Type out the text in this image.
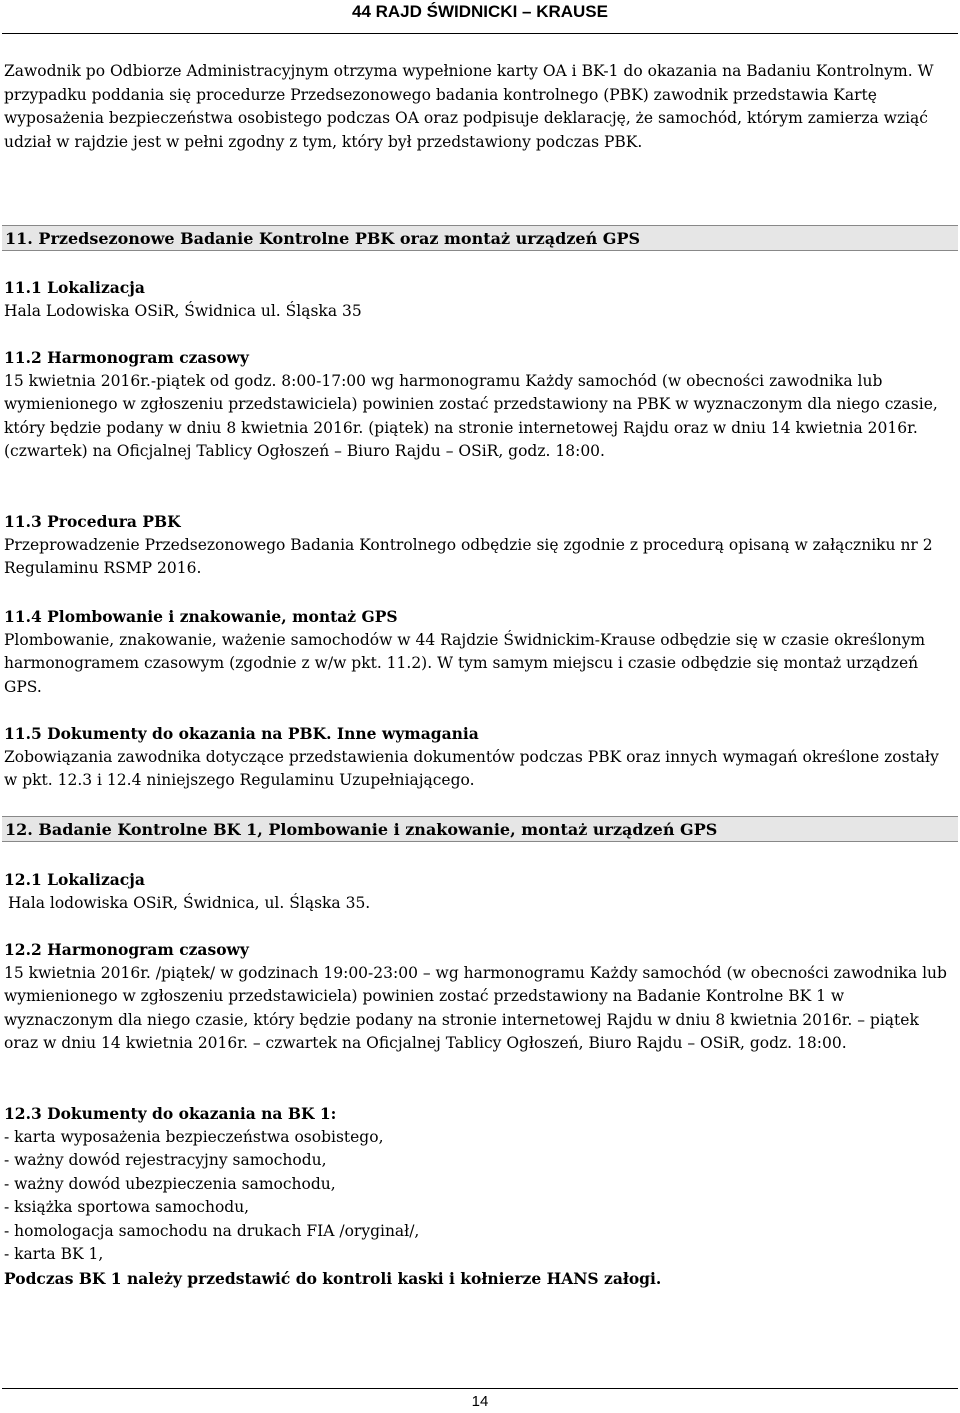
44 RAJD ŚWIDNICKI – KRAUSE

Zawodnik po Odbiorze Administracyjnym otrzyma wypełnione karty OA i BK-1 do okazania na Badaniu Kontrolnym. W przypadku poddania się procedurze Przedsezonowego badania kontrolnego (PBK) zawodnik przedstawia Kartę wyposażenia bezpieczeństwa osobistego podczas OA oraz podpisuje deklarację, że samochód, którym zamierza wziąć udział w rajdzie jest w pełni zgodny z tym, który był przedstawiony podczas PBK.

11. Przedsezonowe Badanie Kontrolne PBK oraz montaż urządzeń GPS

11.1 Lokalizacja

Hala Lodowiska OSiR, Świdnica ul. Śląska 35

11.2 Harmonogram czasowy

15 kwietnia 2016r.-piątek od godz. 8:00-17:00 wg harmonogramu Każdy samochód (w obecności zawodnika lub wymienionego w zgłoszeniu przedstawiciela) powinien zostać przedstawiony na PBK w wyznaczonym dla niego czasie, który będzie podany w dniu 8 kwietnia 2016r. (piątek) na stronie internetowej Rajdu oraz w dniu 14 kwietnia 2016r. (czwartek) na Oficjalnej Tablicy Ogłoszeń – Biuro Rajdu – OSiR, godz. 18:00.

11.3 Procedura PBK

Przeprowadzenie Przedsezonowego Badania Kontrolnego odbędzie się zgodnie z procedurą opisaną w załączniku nr 2 Regulaminu RSMP 2016.

11.4 Plombowanie i znakowanie, montaż GPS

Plombowanie, znakowanie, ważenie samochodów w 44 Rajdzie Świdnickim-Krause odbędzie się w czasie określonym harmonogramem czasowym (zgodnie z w/w pkt. 11.2). W tym samym miejscu i czasie odbędzie się montaż urządzeń GPS.

11.5 Dokumenty do okazania na PBK. Inne wymagania

Zobowiązania zawodnika dotyczące przedstawienia dokumentów podczas PBK oraz innych wymagań określone zostały w pkt. 12.3 i 12.4 niniejszego Regulaminu Uzupełniającego.

12. Badanie Kontrolne BK 1, Plombowanie i znakowanie, montaż urządzeń GPS

12.1 Lokalizacja

Hala lodowiska OSiR, Świdnica, ul. Śląska 35.

12.2 Harmonogram czasowy

15 kwietnia 2016r. /piątek/ w godzinach 19:00-23:00 – wg harmonogramu Każdy samochód (w obecności zawodnika lub wymienionego w zgłoszeniu przedstawiciela) powinien zostać przedstawiony na Badanie Kontrolne BK 1 w wyznaczonym dla niego czasie, który będzie podany na stronie internetowej Rajdu w dniu 8 kwietnia 2016r. – piątek oraz w dniu 14 kwietnia 2016r. – czwartek na Oficjalnej Tablicy Ogłoszeń, Biuro Rajdu – OSiR, godz. 18:00.

12.3 Dokumenty do okazania na BK 1:

- karta wyposażenia bezpieczeństwa osobistego,

- ważny dowód rejestracyjny samochodu,

- ważny dowód ubezpieczenia samochodu,

- książka sportowa samochodu,

- homologacja samochodu na drukach FIA /oryginał/,

- karta BK 1,

Podczas BK 1 należy przedstawić do kontroli kaski i kołnierze HANS załogi.

14
